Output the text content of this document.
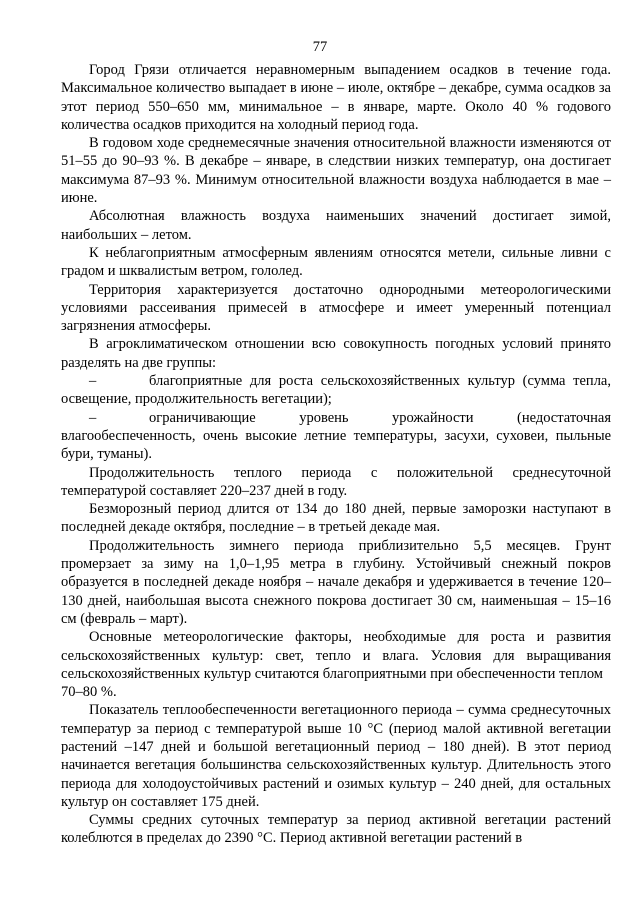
77

Город Грязи отличается неравномерным выпадением осадков в течение года. Максимальное количество выпадает в июне – июле, октябре – декабре, сумма осадков за этот период 550–650 мм, минимальное – в январе, марте. Около 40 % годового количества осадков приходится на холодный период года.

В годовом ходе среднемесячные значения относительной влажности изменяются от 51–55 до 90–93 %. В декабре – январе, в следствии низких температур, она достигает максимума 87–93 %. Минимум относительной влажности воздуха наблюдается в мае – июне.

Абсолютная влажность воздуха наименьших значений достигает зимой, наибольших – летом.

К неблагоприятным атмосферным явлениям относятся метели, сильные ливни с градом и шквалистым ветром, гололед.

Территория характеризуется достаточно однородными метеорологическими условиями рассеивания примесей в атмосфере и имеет умеренный потенциал загрязнения атмосферы.

В агроклиматическом отношении всю совокупность погодных условий принято разделять на две группы:

–	благоприятные для роста сельскохозяйственных культур (сумма тепла, освещение, продолжительность вегетации);

–	ограничивающие уровень урожайности (недостаточная влагообеспеченность, очень высокие летние температуры, засухи, суховеи, пыльные бури, туманы).

Продолжительность теплого периода с положительной среднесуточной температурой составляет 220–237 дней в году.

Безморозный период длится от 134 до 180 дней, первые заморозки наступают в последней декаде октября, последние – в третьей декаде мая.

Продолжительность зимнего периода приблизительно 5,5 месяцев. Грунт промерзает за зиму на 1,0–1,95 метра в глубину. Устойчивый снежный покров образуется в последней декаде ноября – начале декабря и удерживается в течение 120–130 дней, наибольшая высота снежного покрова достигает 30 см, наименьшая – 15–16 см (февраль – март).

Основные метеорологические факторы, необходимые для роста и развития сельскохозяйственных культур: свет, тепло и влага. Условия для выращивания сельскохозяйственных культур считаются благоприятными при обеспеченности теплом

70–80 %.

Показатель теплообеспеченности вегетационного периода – сумма среднесуточных температур за период с температурой выше 10 °С (период малой активной вегетации растений –147 дней и большой вегетационный период – 180 дней). В этот период начинается вегетация большинства сельскохозяйственных культур. Длительность этого периода для холодоустойчивых растений и озимых культур – 240 дней, для остальных культур он составляет 175 дней.

Суммы средних суточных температур за период активной вегетации растений колеблются в пределах до 2390 °С. Период активной вегетации растений в
